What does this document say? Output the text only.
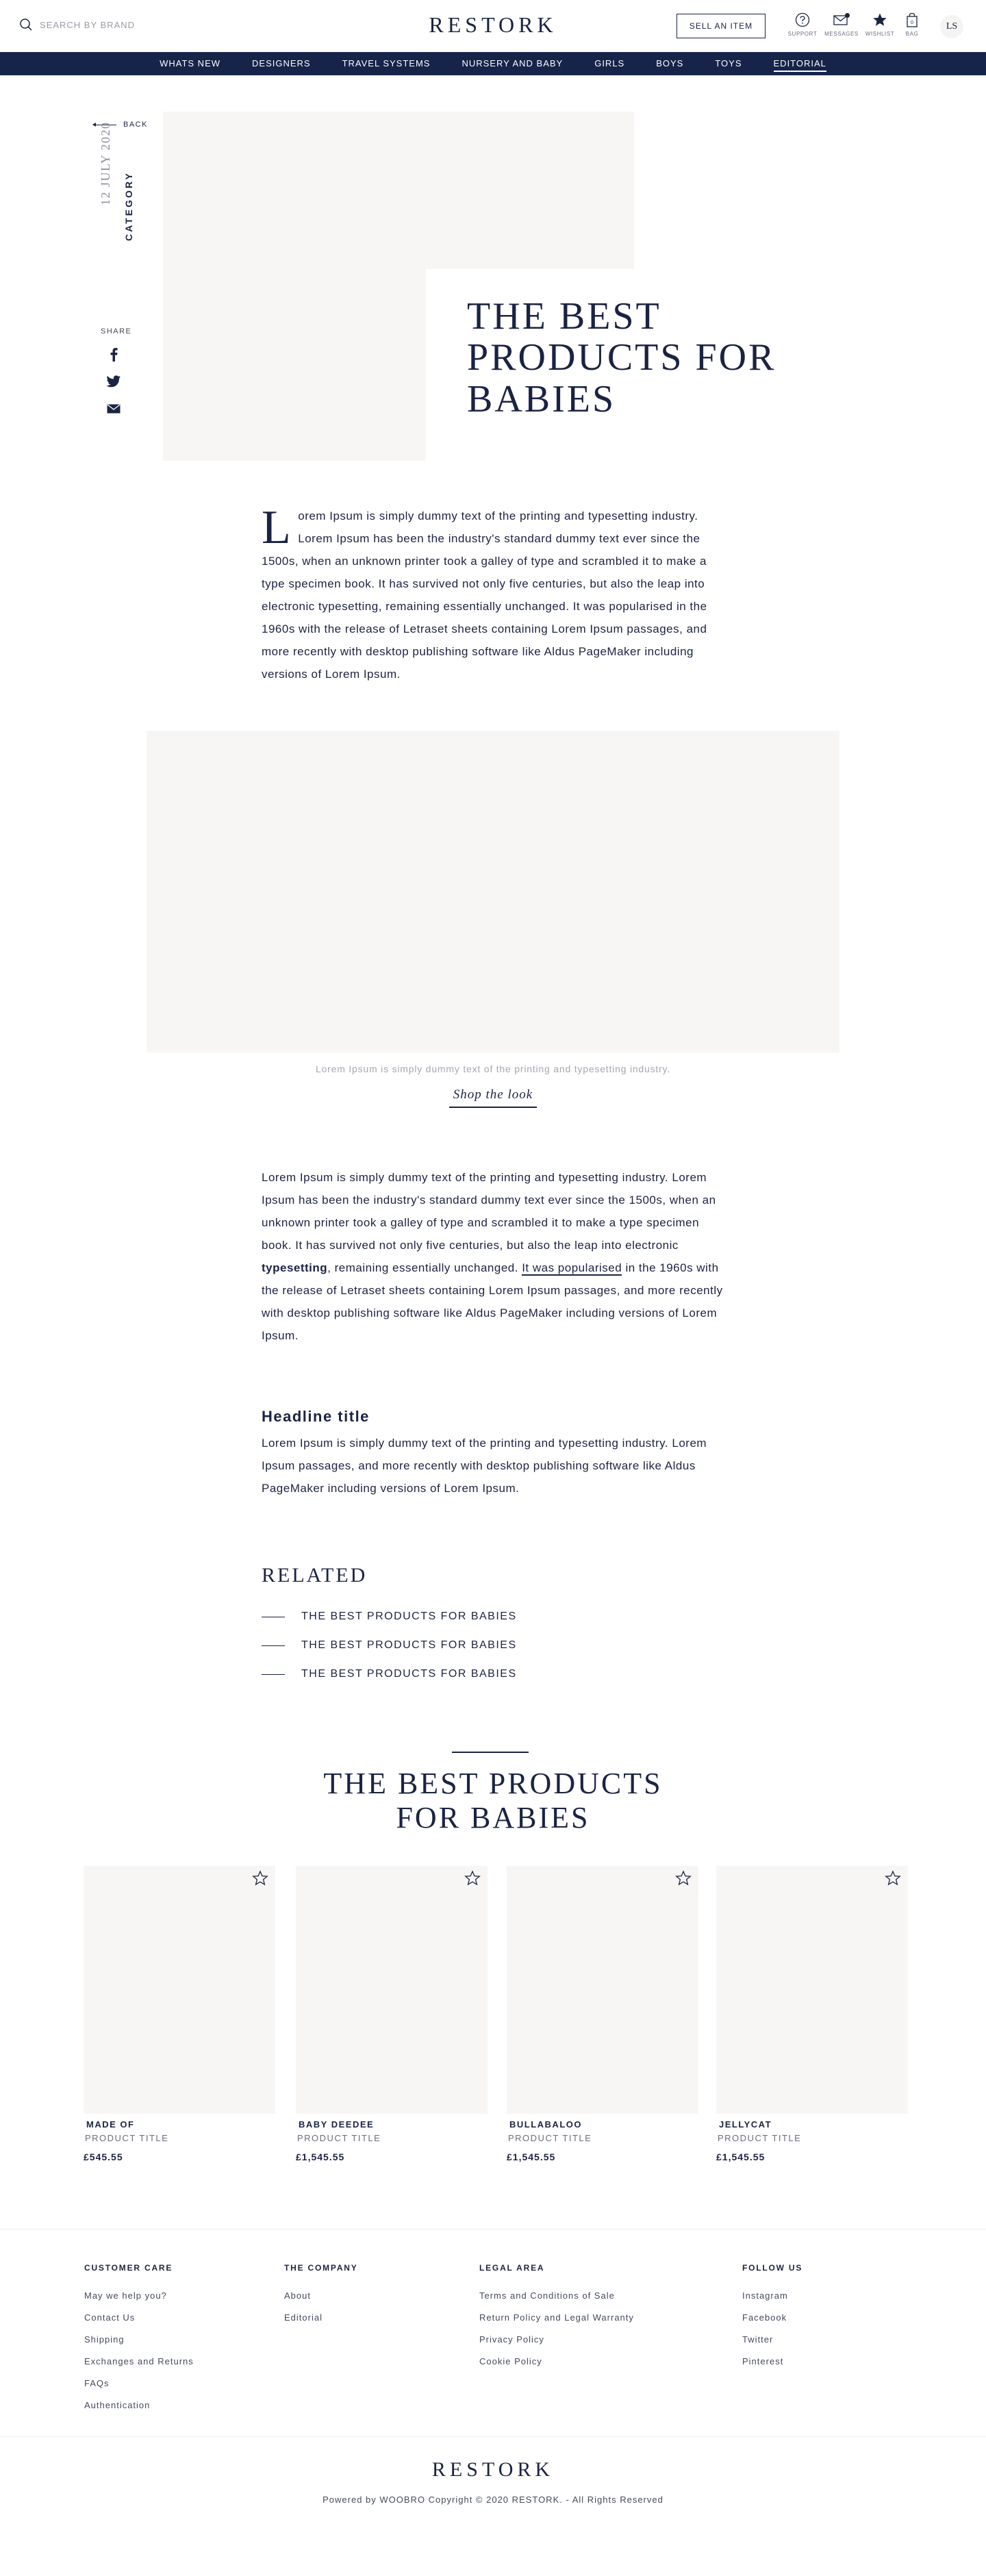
SEARCH BY BRAND	RESTORK	SELL AN ITEM
SUPPORT	MESSAGES	WISHLIST
0
BAG
LS
WHATS NEW	DESIGNERS	TRAVEL SYSTEMS	NURSERY AND BABY	GIRLS	BOYS	TOYS	EDITORIAL
BACK
12 JULY 2020
CATEGORY
SHARE	THE BEST PRODUCTS FOR BABIES
Lorem Ipsum is simply dummy text of the printing and typesetting industry. Lorem Ipsum has been the industry's standard dummy text ever since the 1500s, when an unknown printer took a galley of type and scrambled it to make a type specimen book. It has survived not only five centuries, but also the leap into electronic typesetting, remaining essentially unchanged. It was popularised in the 1960s with the release of Letraset sheets containing Lorem Ipsum passages, and more recently with desktop publishing software like Aldus PageMaker including versions of Lorem Ipsum.
Lorem Ipsum is simply dummy text of the printing and typesetting industry.
Shop the look
Lorem Ipsum is simply dummy text of the printing and typesetting industry. Lorem Ipsum has been the industry's standard dummy text ever since the 1500s, when an unknown printer took a galley of type and scrambled it to make a type specimen book. It has survived not only five centuries, but also the leap into electronic typesetting, remaining essentially unchanged. It was popularised in the 1960s with the release of Letraset sheets containing Lorem Ipsum passages, and more recently with desktop publishing software like Aldus PageMaker including versions of Lorem Ipsum.
Headline title
Lorem Ipsum is simply dummy text of the printing and typesetting industry. Lorem Ipsum passages, and more recently with desktop publishing software like Aldus PageMaker including versions of Lorem Ipsum.
RELATED
THE BEST PRODUCTS FOR BABIES
THE BEST PRODUCTS FOR BABIES
THE BEST PRODUCTS FOR BABIES
THE BEST PRODUCTS
FOR BABIES
MADE OF
PRODUCT TITLE
£545.55
BABY DEEDEE
PRODUCT TITLE
£1,545.55
BULLABALOO
PRODUCT TITLE
£1,545.55
JELLYCAT
PRODUCT TITLE
£1,545.55
CUSTOMER CARE
May we help you?
Contact Us
Shipping
Exchanges and Returns
FAQs
Authentication
THE COMPANY
About
Editorial
LEGAL AREA
Terms and Conditions of Sale
Return Policy and Legal Warranty
Privacy Policy
Cookie Policy
FOLLOW US
Instagram
Facebook
Twitter
Pinterest
RESTORK
Powered by WOOBRO Copyright © 2020 RESTORK. - All Rights Reserved
